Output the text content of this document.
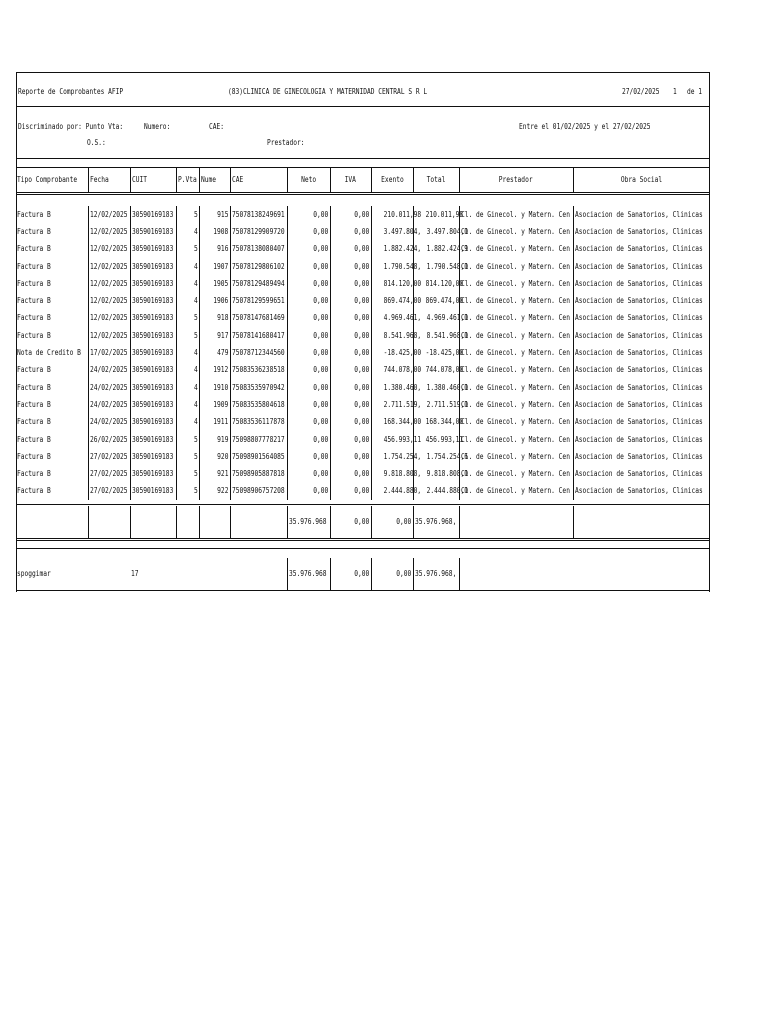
Reporte de Comprobantes AFIP	(83)CLINICA DE GINECOLOGIA Y MATERNIDAD CENTRAL S R L	27/02/2025 1 de 1
Discriminado por: Punto Vta:	Numero:	CAE:	Entre el 01/02/2025 y el 27/02/2025
O.S.:	Prestador:
Tipo Comprobante	Fecha	CUIT	P.Vta	Nume	CAE	Neto	IVA	Exento	Total	Prestador	Obra Social
Factura B	12/02/2025	30590169183	5	915	75078138249691	0,00	0,00	210.011,98	210.011,98	Cl. de Ginecol. y Matern. Cen	Asociacion de Sanatorios, Clinicas
Factura B	12/02/2025	30590169183	4	1908	75078129909720	0,00	0,00	3.497.804,	3.497.804,0	Cl. de Ginecol. y Matern. Cen	Asociacion de Sanatorios, Clinicas
Factura B	12/02/2025	30590169183	5	916	75078138080407	0,00	0,00	1.882.424,	1.882.424,9	Cl. de Ginecol. y Matern. Cen	Asociacion de Sanatorios, Clinicas
Factura B	12/02/2025	30590169183	4	1907	75078129806102	0,00	0,00	1.790.548,	1.790.548,0	Cl. de Ginecol. y Matern. Cen	Asociacion de Sanatorios, Clinicas
Factura B	12/02/2025	30590169183	4	1905	75078129489494	0,00	0,00	814.120,00	814.120,00	Cl. de Ginecol. y Matern. Cen	Asociacion de Sanatorios, Clinicas
Factura B	12/02/2025	30590169183	4	1906	75078129599651	0,00	0,00	869.474,00	869.474,00	Cl. de Ginecol. y Matern. Cen	Asociacion de Sanatorios, Clinicas
Factura B	12/02/2025	30590169183	5	918	75078147681469	0,00	0,00	4.969.461,	4.969.461,0	Cl. de Ginecol. y Matern. Cen	Asociacion de Sanatorios, Clinicas
Factura B	12/02/2025	30590169183	5	917	75078141680417	0,00	0,00	8.541.968,	8.541.968,0	Cl. de Ginecol. y Matern. Cen	Asociacion de Sanatorios, Clinicas
Nota de Credito B	17/02/2025	30590169183	4	479	75078712344560	0,00	0,00	-18.425,00	-18.425,00	Cl. de Ginecol. y Matern. Cen	Asociacion de Sanatorios, Clinicas
Factura B	24/02/2025	30590169183	4	1912	75083536238518	0,00	0,00	744.078,00	744.078,00	Cl. de Ginecol. y Matern. Cen	Asociacion de Sanatorios, Clinicas
Factura B	24/02/2025	30590169183	4	1910	75083535970942	0,00	0,00	1.380.460,	1.380.460,0	Cl. de Ginecol. y Matern. Cen	Asociacion de Sanatorios, Clinicas
Factura B	24/02/2025	30590169183	4	1909	75083535804618	0,00	0,00	2.711.519,	2.711.519,0	Cl. de Ginecol. y Matern. Cen	Asociacion de Sanatorios, Clinicas
Factura B	24/02/2025	30590169183	4	1911	75083536117878	0,00	0,00	168.344,00	168.344,00	Cl. de Ginecol. y Matern. Cen	Asociacion de Sanatorios, Clinicas
Factura B	26/02/2025	30590169183	5	919	75098807778217	0,00	0,00	456.993,11	456.993,11	Cl. de Ginecol. y Matern. Cen	Asociacion de Sanatorios, Clinicas
Factura B	27/02/2025	30590169183	5	920	75098901564085	0,00	0,00	1.754.254,	1.754.254,6	Cl. de Ginecol. y Matern. Cen	Asociacion de Sanatorios, Clinicas
Factura B	27/02/2025	30590169183	5	921	75098905887818	0,00	0,00	9.818.808,	9.818.808,0	Cl. de Ginecol. y Matern. Cen	Asociacion de Sanatorios, Clinicas
Factura B	27/02/2025	30590169183	5	922	75098906757208	0,00	0,00	2.444.880,	2.444.880,0	Cl. de Ginecol. y Matern. Cen	Asociacion de Sanatorios, Clinicas
						35.976.968	0,00	0,00	35.976.968,		
spoggimar	17	35.976.968	0,00	0,00	35.976.968,	
